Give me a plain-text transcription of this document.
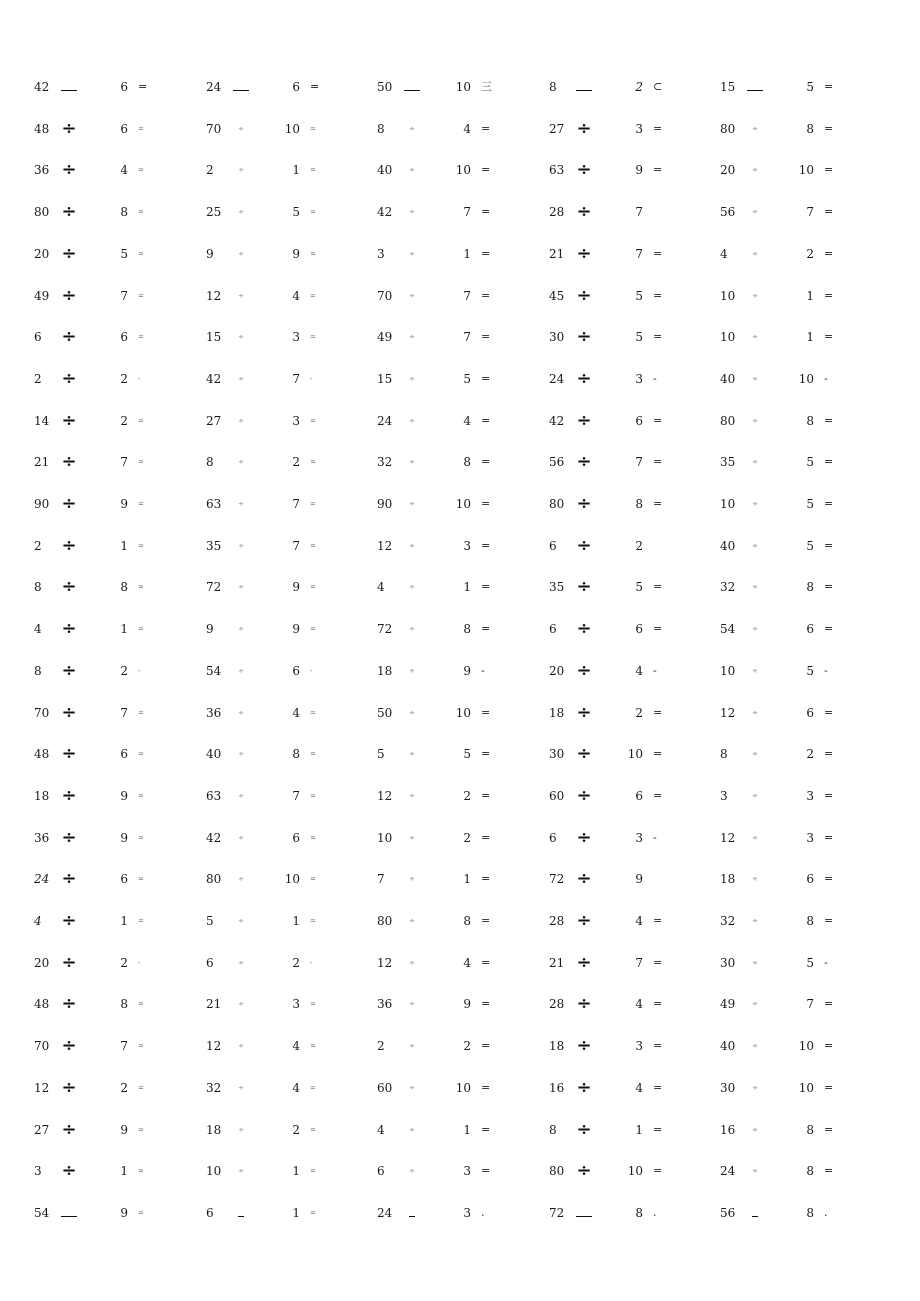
42	6 =	24	6 =	50	10 三	8	2 ⊂	15	5 =
48 ÷	6 =	70	÷	10 =	8	÷	4 =	27 ÷	3 =	80	÷	8 =
36 ÷	4 =	2	÷	1 =	40	÷	10 =	63 ÷	9 =	20	÷	10 =
80 ÷	8 =	25	÷	5 =	42	÷	7 =	28 ÷	7	56	÷	7 =
20 ÷	5 =	9	÷	9 =	3	÷	1 =	21 ÷	7 =	4	÷	2 =
49 ÷	7 =	12	÷	4 =	70	÷	7 =	45 ÷	5 =	10	÷	1 =
6 ÷	6 =	15	÷	3 =	49	÷	7 =	30 ÷	5 =	10	÷	1 =
2 ÷	2 -	42	÷	7 -	15	÷	5 =	24 ÷	3 -	40	÷	10 -
14 ÷	2 =	27	÷	3 =	24	÷	4 =	42 ÷	6 =	80	÷	8 =
21 ÷	7 =	8	÷	2 =	32	÷	8 =	56 ÷	7 =	35	÷	5 =
90 ÷	9 =	63	÷	7 =	90	÷	10 =	80 ÷	8 =	10	÷	5 =
2 ÷	1 =	35	÷	7 =	12	÷	3 =	6 ÷	2	40	÷	5 =
8 ÷	8 =	72	÷	9 =	4	÷	1 =	35 ÷	5 =	32	÷	8 =
4 ÷	1 =	9	÷	9 =	72	÷	8 =	6 ÷	6 =	54	÷	6 =
8 ÷	2 -	54	÷	6 -	18	÷	9 -	20 ÷	4 -	10	÷	5 -
70 ÷	7 =	36	÷	4 =	50	÷	10 =	18 ÷	2 =	12	÷	6 =
48 ÷	6 =	40	÷	8 =	5	÷	5 =	30 ÷	10 =	8	÷	2 =
18 ÷	9 =	63	÷	7 =	12	÷	2 =	60 ÷	6 =	3	÷	3 =
36 ÷	9 =	42	÷	6 =	10	÷	2 =	6 ÷	3 -	12	÷	3 =
24 ÷	6 =	80	÷	10 =	7	÷	1 =	72 ÷	9	18	÷	6 =
4 ÷	1 =	5	÷	1 =	80	÷	8 =	28 ÷	4 =	32	÷	8 =
20 ÷	2 -	6	÷	2 -	12	÷	4 =	21 ÷	7 =	30	÷	5 -
48 ÷	8 =	21	÷	3 =	36	÷	9 =	28 ÷	4 =	49	÷	7 =
70 ÷	7 =	12	÷	4 =	2	÷	2 =	18 ÷	3 =	40	÷	10 =
12 ÷	2 =	32	÷	4 =	60	÷	10 =	16 ÷	4 =	30	÷	10 =
27 ÷	9 =	18	÷	2 =	4	÷	1 =	8 ÷	1 =	16	÷	8 =
3 ÷	1 =	10	÷	1 =	6	÷	3 =	80 ÷	10 =	24	÷	8 =
54	9 =	6	1 =	24	3 .	72	8 .	56	8 .
